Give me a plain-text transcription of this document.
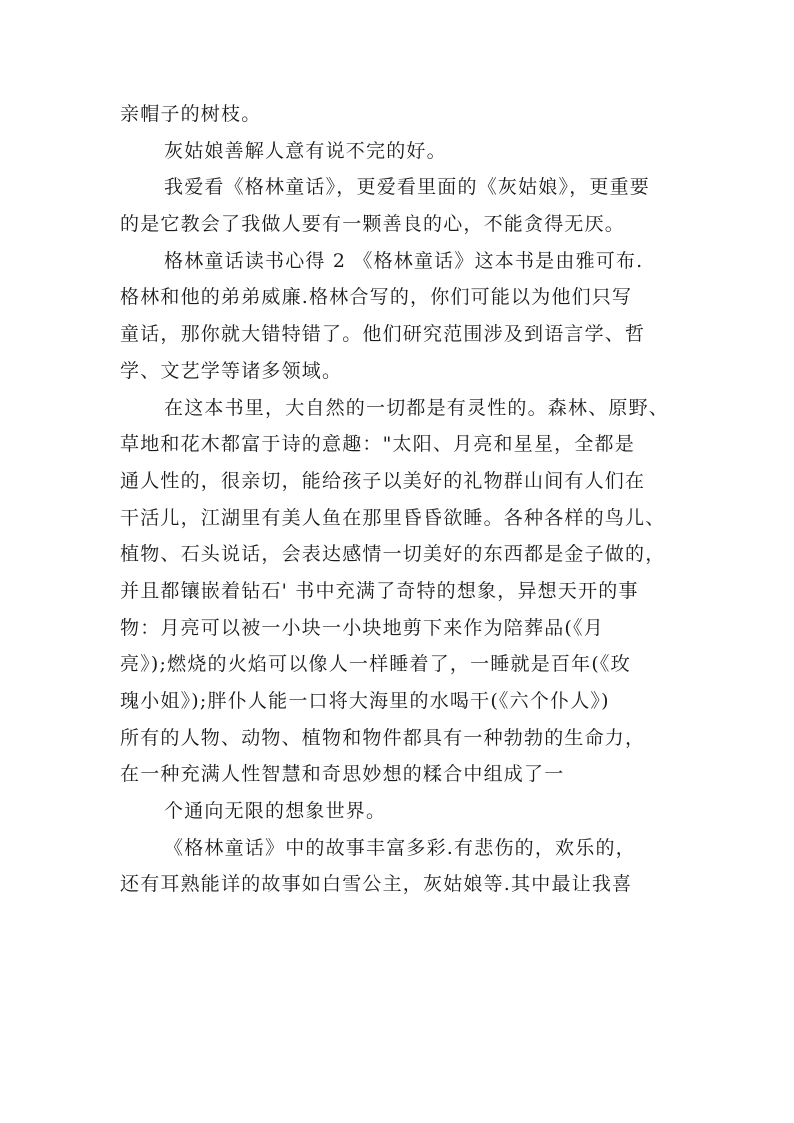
亲帽子的树枝。
灰姑娘善解人意有说不完的好。
我爱看《格林童话》，更爱看里面的《灰姑娘》，更重要
的是它教会了我做人要有一颗善良的心，不能贪得无厌。
格林童话读书心得 2 《格林童话》这本书是由雅可布.
格林和他的弟弟威廉.格林合写的，你们可能以为他们只写
童话，那你就大错特错了。他们研究范围涉及到语言学、哲
学、文艺学等诸多领域。
在这本书里，大自然的一切都是有灵性的。森林、原野、
草地和花木都富于诗的意趣："太阳、月亮和星星，全都是
通人性的，很亲切，能给孩子以美好的礼物群山间有人们在
干活儿，江湖里有美人鱼在那里昏昏欲睡。各种各样的鸟儿、
植物、石头说话，会表达感情一切美好的东西都是金子做的，
并且都镶嵌着钻石' 书中充满了奇特的想象，异想天开的事
物：月亮可以被一小块一小块地剪下来作为陪葬品(《月
亮》);燃烧的火焰可以像人一样睡着了，一睡就是百年(《玫
瑰小姐》);胖仆人能一口将大海里的水喝干(《六个仆人》)
所有的人物、动物、植物和物件都具有一种勃勃的生命力，
在一种充满人性智慧和奇思妙想的糅合中组成了一
个通向无限的想象世界。
《格林童话》中的故事丰富多彩.有悲伤的，欢乐的，
还有耳熟能详的故事如白雪公主，灰姑娘等.其中最让我喜
